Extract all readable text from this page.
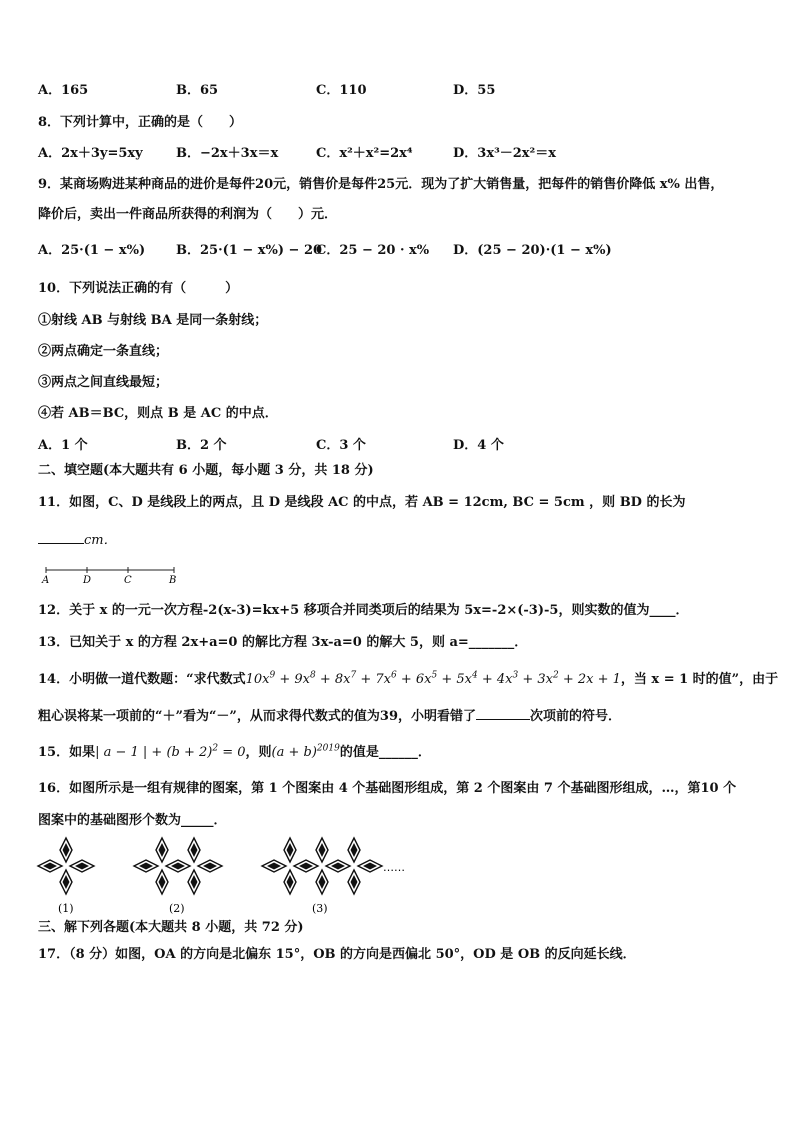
A．165	B．65	C．110	D．55
8．下列计算中，正确的是（　　）
A．2x＋3y=5xy	B．−2x＋3x＝x	C．x²＋x²=2x⁴	D．3x³－2x²＝x
9．某商场购进某种商品的进价是每件20元，销售价是每件25元．现为了扩大销售量，把每件的销售价降低 x% 出售，
降价后，卖出一件商品所获得的利润为（　　）元．
A．25·(1 − x%) B．25·(1 − x%) − 20
C．25 − 20 · x% D．(25 − 20)·(1 − x%)
10．下列说法正确的有（　　　）
①射线 AB 与射线 BA 是同一条射线；
②两点确定一条直线；
③两点之间直线最短；
④若 AB＝BC，则点 B 是 AC 的中点．
A．1 个	B．2 个	C．3 个	D．4 个
二、填空题(本大题共有 6 小题，每小题 3 分，共 18 分)
11．如图，C、D 是线段上的两点，且 D 是线段 AC 的中点，若 AB = 12cm, BC = 5cm ，则 BD 的长为
cm．
A	D	C	B
12．关于 x 的一元一次方程-2(x-3)=kx+5 移项合并同类项后的结果为 5x=-2×(-3)-5，则实数的值为____．
13．已知关于 x 的方程 2x+a=0 的解比方程 3x-a=0 的解大 5，则 a=_______．
14．小明做一道代数题：“求代数式$10x^9 + 9x^8 + 8x^7 + 7x^6 + 6x^5 + 5x^4 + 4x^3 + 3x^2 + 2x + 1$，当 x = 1 时的值”，由于
粗心误将某一项前的“＋”看为“－”，从而求得代数式的值为39，小明看错了	次项前的符号．
15．如果| a − 1 | + $(b + 2)^2 = 0$，则$(a + b)^{2019}$的值是______．
16．如图所示是一组有规律的图案，第 1 个图案由 4 个基础图形组成，第 2 个图案由 7 个基础图形组成，…，第10 个
图案中的基础图形个数为_____．
……
(1)	(2)	(3)
三、解下列各题(本大题共 8 小题，共 72 分)
17．（8 分）如图，OA 的方向是北偏东 15°，OB 的方向是西偏北 50°，OD 是 OB 的反向延长线．
